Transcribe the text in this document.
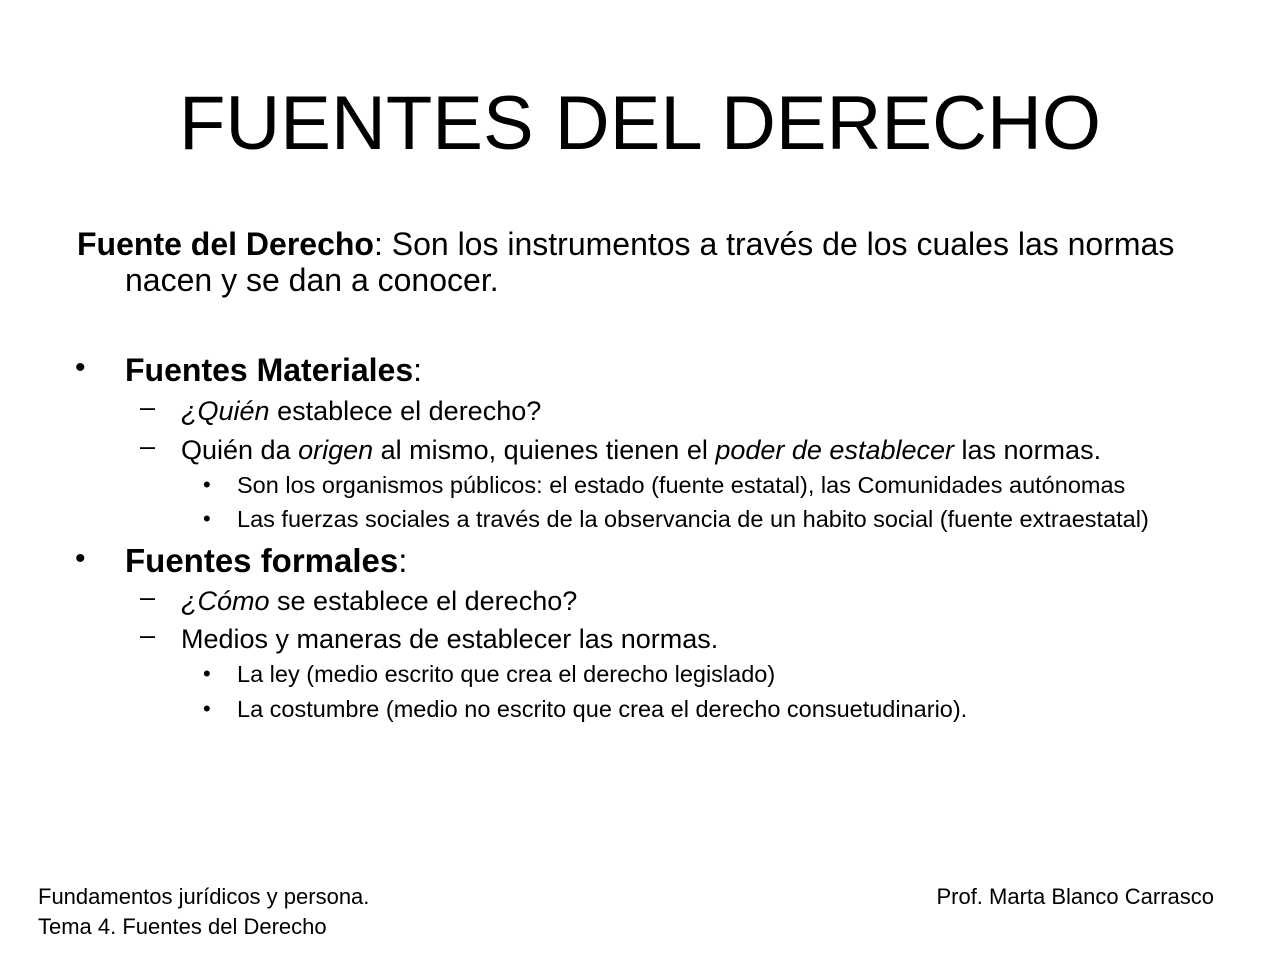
FUENTES DEL DERECHO

Fuente del Derecho: Son los instrumentos a través de los cuales las normas nacen y se dan a conocer.

• Fuentes Materiales:
– ¿Quién establece el derecho?
– Quién da origen al mismo, quienes tienen el poder de establecer las normas.
• Son los organismos públicos: el estado (fuente estatal), las Comunidades autónomas
• Las fuerzas sociales a través de la observancia de un habito social (fuente extraestatal)
• Fuentes formales:
– ¿Cómo se establece el derecho?
– Medios y maneras de establecer las normas.
• La ley (medio escrito que crea el derecho legislado)
• La costumbre (medio no escrito que crea el derecho consuetudinario).
Fundamentos jurídicos y persona.
Tema 4. Fuentes del Derecho
Prof. Marta Blanco Carrasco
